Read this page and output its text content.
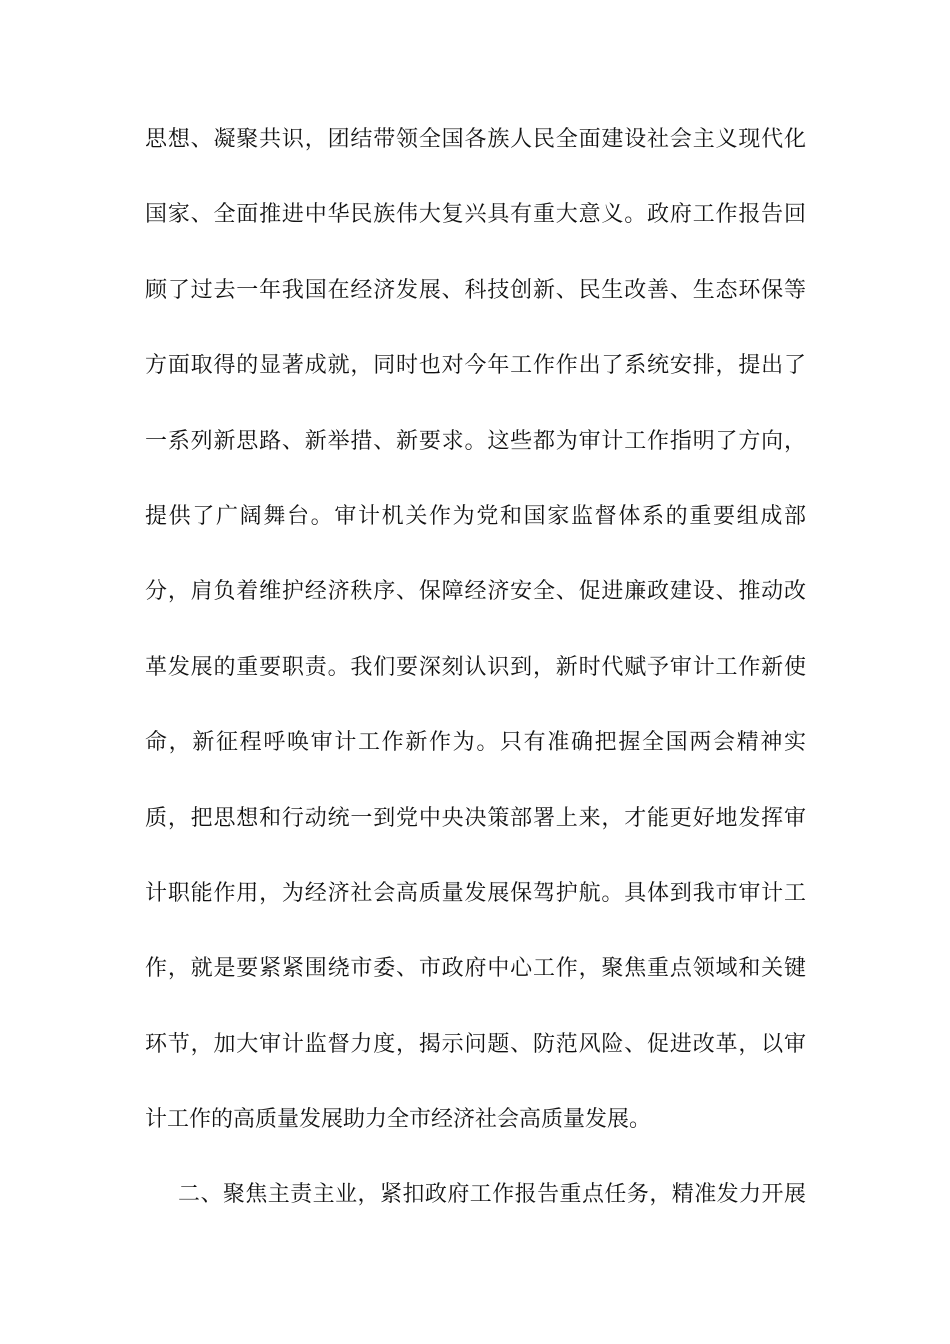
思想、凝聚共识，团结带领全国各族人民全面建设社会主义现代化
国家、全面推进中华民族伟大复兴具有重大意义。政府工作报告回
顾了过去一年我国在经济发展、科技创新、民生改善、生态环保等
方面取得的显著成就，同时也对今年工作作出了系统安排，提出了
一系列新思路、新举措、新要求。这些都为审计工作指明了方向，
提供了广阔舞台。审计机关作为党和国家监督体系的重要组成部
分，肩负着维护经济秩序、保障经济安全、促进廉政建设、推动改
革发展的重要职责。我们要深刻认识到，新时代赋予审计工作新使
命，新征程呼唤审计工作新作为。只有准确把握全国两会精神实
质，把思想和行动统一到党中央决策部署上来，才能更好地发挥审
计职能作用，为经济社会高质量发展保驾护航。具体到我市审计工
作，就是要紧紧围绕市委、市政府中心工作，聚焦重点领域和关键
环节，加大审计监督力度，揭示问题、防范风险、促进改革，以审
计工作的高质量发展助力全市经济社会高质量发展。
二、聚焦主责主业，紧扣政府工作报告重点任务，精准发力开展
